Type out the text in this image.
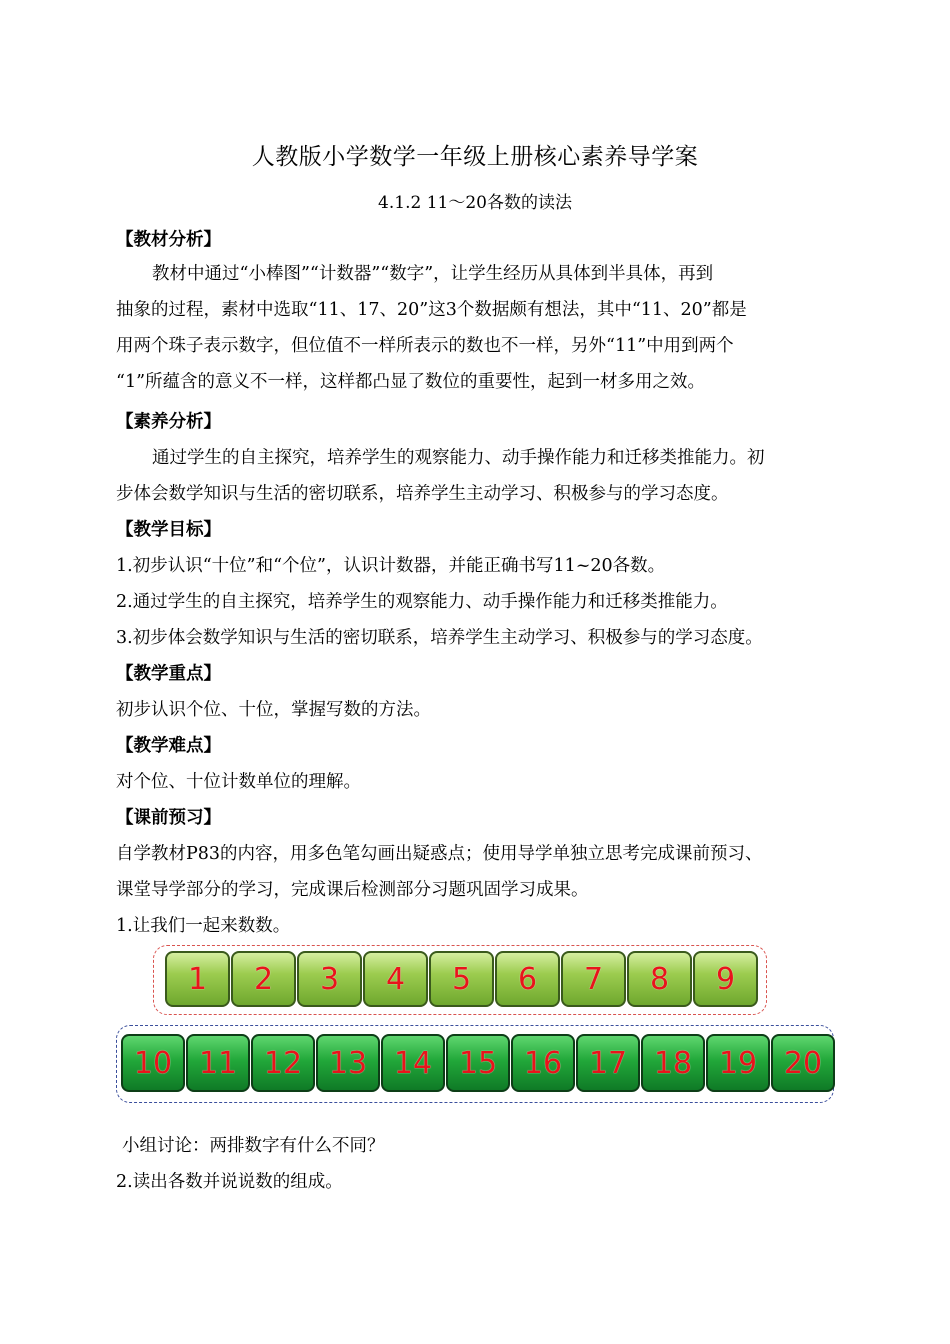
人教版小学数学一年级上册核心素养导学案
4.1.2 11～20各数的读法
【教材分析】
教材中通过“小棒图”“计数器”“数字”，让学生经历从具体到半具体，再到
抽象的过程，素材中选取“11、17、20”这3个数据颇有想法，其中“11、20”都是
用两个珠子表示数字，但位值不一样所表示的数也不一样，另外“11”中用到两个
“1”所蕴含的意义不一样，这样都凸显了数位的重要性，起到一材多用之效。
【素养分析】
通过学生的自主探究，培养学生的观察能力、动手操作能力和迁移类推能力。初
步体会数学知识与生活的密切联系，培养学生主动学习、积极参与的学习态度。
【教学目标】
1.初步认识“十位”和“个位”，认识计数器，并能正确书写11~20各数。
2.通过学生的自主探究，培养学生的观察能力、动手操作能力和迁移类推能力。
3.初步体会数学知识与生活的密切联系，培养学生主动学习、积极参与的学习态度。
【教学重点】
初步认识个位、十位，掌握写数的方法。
【教学难点】
对个位、十位计数单位的理解。
【课前预习】
自学教材P83的内容，用多色笔勾画出疑惑点；使用导学单独立思考完成课前预习、
课堂导学部分的学习，完成课后检测部分习题巩固学习成果。
1.让我们一起来数数。
1 2 3 4 5 6 7 8 9
10 11 12 13 14 15 16 17 18 19 20
小组讨论：两排数字有什么不同？
2.读出各数并说说数的组成。
